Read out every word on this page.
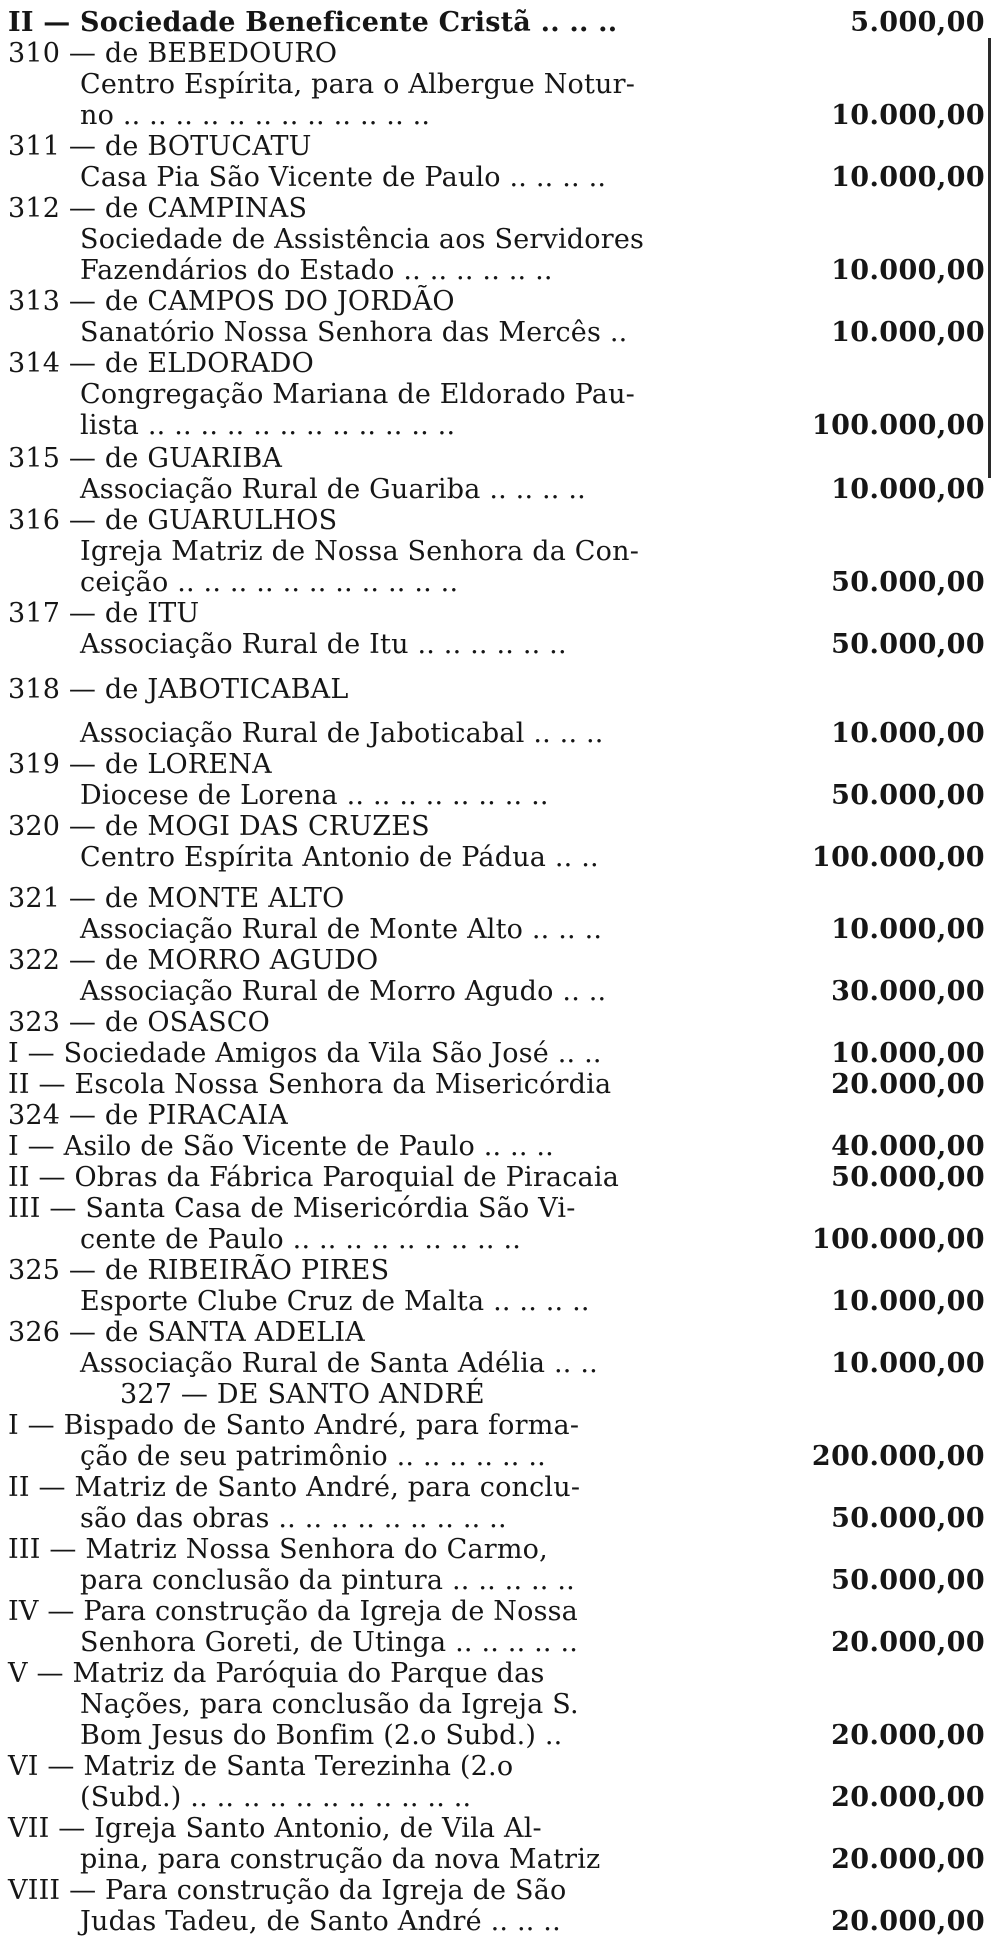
II — Sociedade Beneficente Cristã .. .. ..	5.000,00
310 — de BEBEDOURO
Centro Espírita, para o Albergue Notur-
no .. .. .. .. .. .. .. .. .. .. .. ..	10.000,00
311 — de BOTUCATU
Casa Pia São Vicente de Paulo .. .. .. ..	10.000,00
312 — de CAMPINAS
Sociedade de Assistência aos Servidores
Fazendários do Estado .. .. .. .. .. ..	10.000,00
313 — de CAMPOS DO JORDÃO
Sanatório Nossa Senhora das Mercês ..	10.000,00
314 — de ELDORADO
Congregação Mariana de Eldorado Pau-
lista .. .. .. .. .. .. .. .. .. .. .. ..	100.000,00
315 — de GUARIBA
Associação Rural de Guariba .. .. .. ..	10.000,00
316 — de GUARULHOS
Igreja Matriz de Nossa Senhora da Con-
ceição .. .. .. .. .. .. .. .. .. .. ..	50.000,00
317 — de ITU
Associação Rural de Itu .. .. .. .. .. ..	50.000,00
318 — de JABOTICABAL
Associação Rural de Jaboticabal .. .. ..	10.000,00
319 — de LORENA
Diocese de Lorena .. .. .. .. .. .. .. ..	50.000,00
320 — de MOGI DAS CRUZES
Centro Espírita Antonio de Pádua .. ..	100.000,00
321 — de MONTE ALTO
Associação Rural de Monte Alto .. .. ..	10.000,00
322 — de MORRO AGUDO
Associação Rural de Morro Agudo .. ..	30.000,00
323 — de OSASCO
I — Sociedade Amigos da Vila São José .. ..	10.000,00
II — Escola Nossa Senhora da Misericórdia	20.000,00
324 — de PIRACAIA
I — Asilo de São Vicente de Paulo .. .. ..	40.000,00
II — Obras da Fábrica Paroquial de Piracaia	50.000,00
III — Santa Casa de Misericórdia São Vi-
cente de Paulo .. .. .. .. .. .. .. .. ..	100.000,00
325 — de RIBEIRÃO PIRES
Esporte Clube Cruz de Malta .. .. .. ..	10.000,00
326 — de SANTA ADELIA
Associação Rural de Santa Adélia .. ..	10.000,00
327 — DE SANTO ANDRÉ
I — Bispado de Santo André, para forma-
ção de seu patrimônio .. .. .. .. .. ..	200.000,00
II — Matriz de Santo André, para conclu-
são das obras .. .. .. .. .. .. .. .. ..	50.000,00
III — Matriz Nossa Senhora do Carmo,
para conclusão da pintura .. .. .. .. ..	50.000,00
IV — Para construção da Igreja de Nossa
Senhora Goreti, de Utinga .. .. .. .. ..	20.000,00
V — Matriz da Paróquia do Parque das
Nações, para conclusão da Igreja S.
Bom Jesus do Bonfim (2.o Subd.) ..	20.000,00
VI — Matriz de Santa Terezinha (2.o
(Subd.) .. .. .. .. .. .. .. .. .. .. ..	20.000,00
VII — Igreja Santo Antonio, de Vila Al-
pina, para construção da nova Matriz	20.000,00
VIII — Para construção da Igreja de São
Judas Tadeu, de Santo André .. .. ..	20.000,00
